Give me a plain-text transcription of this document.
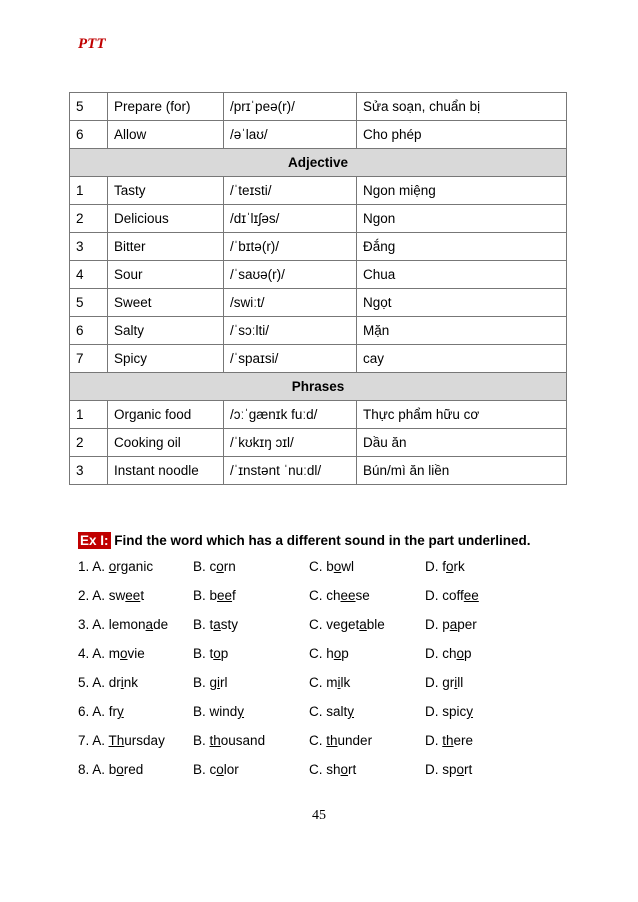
PTT
5	Prepare (for)	/prɪˈpeə(r)/	Sửa soạn, chuẩn bị
6	Allow	/əˈlaʊ/	Cho phép
Adjective			
1	Tasty	/ˈteɪsti/	Ngon miệng
2	Delicious	/dɪˈlɪʃəs/	Ngon
3	Bitter	/ˈbɪtə(r)/	Đắng
4	Sour	/ˈsaʊə(r)/	Chua
5	Sweet	/swiːt/	Ngọt
6	Salty	/ˈsɔːlti/	Mặn
7	Spicy	/ˈspaɪsi/	cay
Phrases			
1	Organic food	/ɔːˈɡænɪk fuːd/	Thực phẩm hữu cơ
2	Cooking oil	/ˈkʊkɪŋ ɔɪl/	Dầu ăn
3	Instant noodle	/ˈɪnstənt ˈnuːdl/	Bún/mì ăn liền
Ex I: Find the word which has a different sound in the part underlined.
1. A. organic	B. corn	C. bowl	D. fork
2. A. sweet	B. beef	C. cheese	D. coffee
3. A. lemonade B. tasty	C. vegetable	D. paper
4. A. movie	B. top	C. hop	D. chop
5. A. drink	B. girl	C. milk	D. grill
6. A. fry	B. windy	C. salty	D. spicy
7. A. Thursday B. thousand	C. thunder	D. there
8. A. bored	B. color	C. short	D. sport
45
